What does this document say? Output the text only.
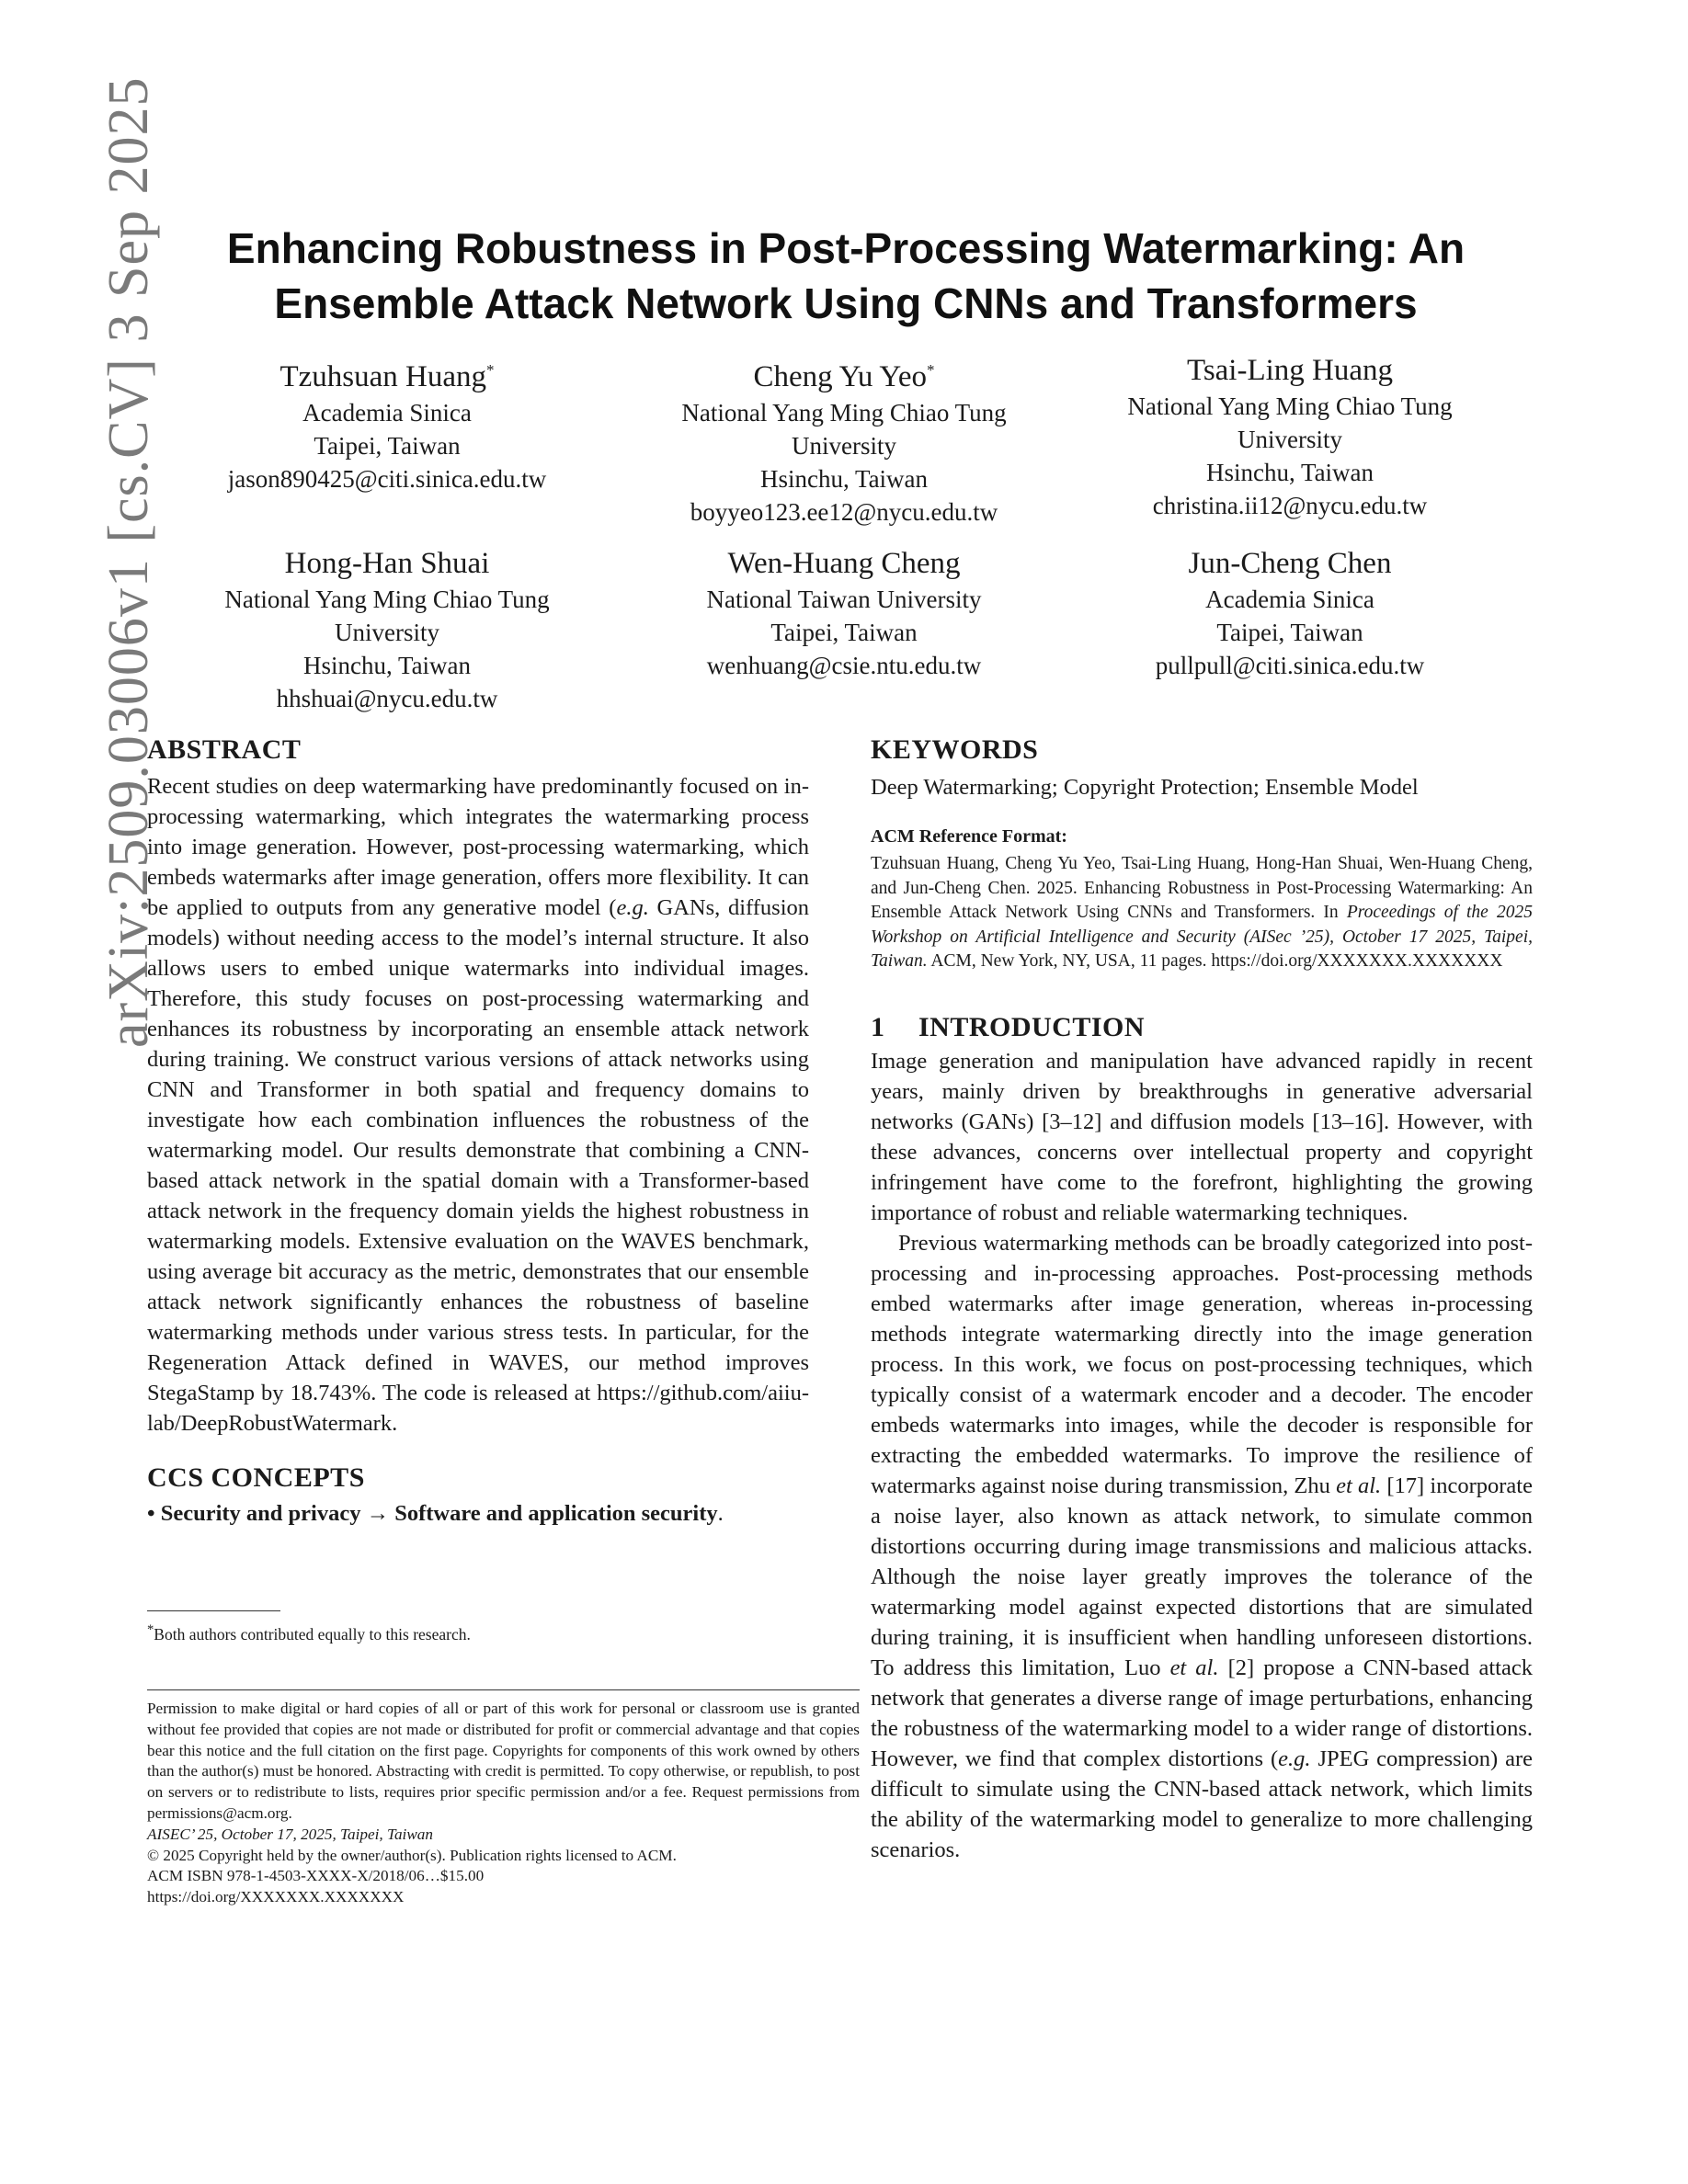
Enhancing Robustness in Post-Processing Watermarking: An
Ensemble Attack Network Using CNNs and Transformers
Tzuhsuan Huang*
Academia Sinica
Taipei, Taiwan
jason890425@citi.sinica.edu.tw
Cheng Yu Yeo*
National Yang Ming Chiao Tung
University
Hsinchu, Taiwan
boyyeo123.ee12@nycu.edu.tw
Tsai-Ling Huang
National Yang Ming Chiao Tung
University
Hsinchu, Taiwan
christina.ii12@nycu.edu.tw
Hong-Han Shuai
National Yang Ming Chiao Tung
University
Hsinchu, Taiwan
hhshuai@nycu.edu.tw
Wen-Huang Cheng
National Taiwan University
Taipei, Taiwan
wenhuang@csie.ntu.edu.tw
Jun-Cheng Chen
Academia Sinica
Taipei, Taiwan
pullpull@citi.sinica.edu.tw
arXiv:2509.03006v1 [cs.CV] 3 Sep 2025
ABSTRACT

Recent studies on deep watermarking have predominantly focused on in-processing watermarking, which integrates the watermarking process into image generation. However, post-processing watermarking, which embeds watermarks after image generation, offers more flexibility. It can be applied to outputs from any generative model (e.g. GANs, diffusion models) without needing access to the model’s internal structure. It also allows users to embed unique watermarks into individual images. Therefore, this study focuses on post-processing watermarking and enhances its robustness by incorporating an ensemble attack network during training. We construct various versions of attack networks using CNN and Transformer in both spatial and frequency domains to investigate how each combination influences the robustness of the watermarking model. Our results demonstrate that combining a CNN-based attack network in the spatial domain with a Transformer-based attack network in the frequency domain yields the highest robustness in watermarking models. Extensive evaluation on the WAVES benchmark, using average bit accuracy as the metric, demonstrates that our ensemble attack network significantly enhances the robustness of baseline watermarking methods under various stress tests. In particular, for the Regeneration Attack defined in WAVES, our method improves StegaStamp by 18.743%. The code is released at https://github.com/aiiu-lab/DeepRobustWatermark.

CCS CONCEPTS

• Security and privacy → Software and application security.

*Both authors contributed equally to this research.
Permission to make digital or hard copies of all or part of this work for personal or classroom use is granted without fee provided that copies are not made or distributed for profit or commercial advantage and that copies bear this notice and the full citation on the first page. Copyrights for components of this work owned by others than the author(s) must be honored. Abstracting with credit is permitted. To copy otherwise, or republish, to post on servers or to redistribute to lists, requires prior specific permission and/or a fee. Request permissions from permissions@acm.org.
AISEC’ 25, October 17, 2025, Taipei, Taiwan
© 2025 Copyright held by the owner/author(s). Publication rights licensed to ACM.
ACM ISBN 978-1-4503-XXXX-X/2018/06…$15.00
https://doi.org/XXXXXXX.XXXXXXX
KEYWORDS

Deep Watermarking; Copyright Protection; Ensemble Model

ACM Reference Format:

Tzuhsuan Huang, Cheng Yu Yeo, Tsai-Ling Huang, Hong-Han Shuai, Wen-Huang Cheng, and Jun-Cheng Chen. 2025. Enhancing Robustness in Post-Processing Watermarking: An Ensemble Attack Network Using CNNs and Transformers. In Proceedings of the 2025 Workshop on Artificial Intelligence and Security (AISec ’25), October 17 2025, Taipei, Taiwan. ACM, New York, NY, USA, 11 pages. https://doi.org/XXXXXXX.XXXXXXX

1 INTRODUCTION

Image generation and manipulation have advanced rapidly in recent years, mainly driven by breakthroughs in generative adversarial networks (GANs) [3–12] and diffusion models [13–16]. However, with these advances, concerns over intellectual property and copyright infringement have come to the forefront, highlighting the growing importance of robust and reliable watermarking techniques.

Previous watermarking methods can be broadly categorized into post-processing and in-processing approaches. Post-processing methods embed watermarks after image generation, whereas in-processing methods integrate watermarking directly into the image generation process. In this work, we focus on post-processing techniques, which typically consist of a watermark encoder and a decoder. The encoder embeds watermarks into images, while the decoder is responsible for extracting the embedded watermarks. To improve the resilience of watermarks against noise during transmission, Zhu et al. [17] incorporate a noise layer, also known as attack network, to simulate common distortions occurring during image transmissions and malicious attacks. Although the noise layer greatly improves the tolerance of the watermarking model against expected distortions that are simulated during training, it is insufficient when handling unforeseen distortions. To address this limitation, Luo et al. [2] propose a CNN-based attack network that generates a diverse range of image perturbations, enhancing the robustness of the watermarking model to a wider range of distortions. However, we find that complex distortions (e.g. JPEG compression) are difficult to simulate using the CNN-based attack network, which limits the ability of the watermarking model to generalize to more challenging scenarios.
